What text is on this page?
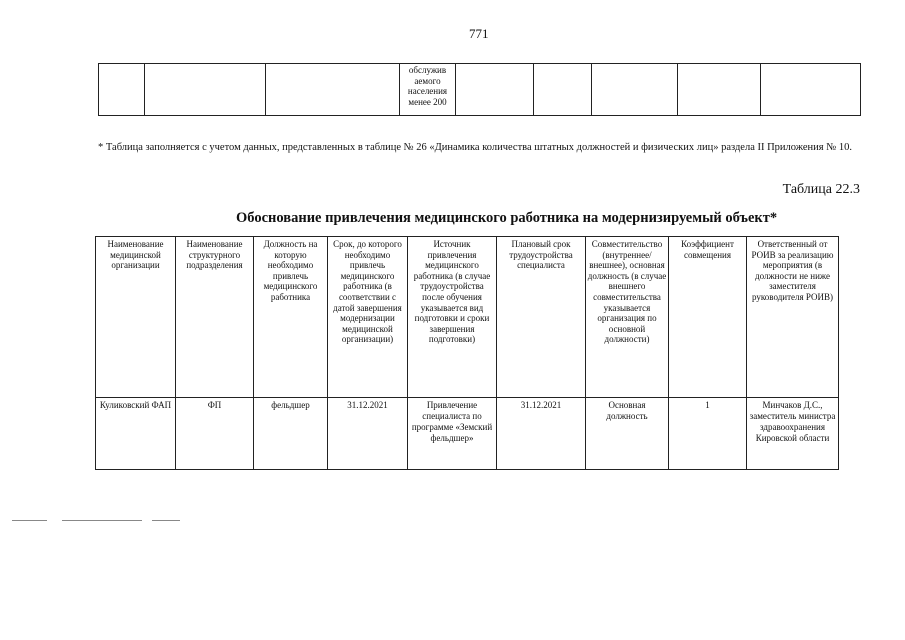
771

обслужив
аемого
населения
менее 200

* Таблица заполняется с учетом данных, представленных в таблице № 26 «Динамика количества штатных должностей и физических лиц» раздела II Приложения № 10.
Таблица 22.3
Обоснование привлечения медицинского работника на модернизируемый объект*
Наименование медицинской организации	Наименование структурного подразделения	Должность на которую необходимо привлечь медицинского работника	Срок, до которого необходимо привлечь медицинского работника (в соответствии с датой завершения модернизации медицинской организации)	Источник привлечения медицинского работника (в случае трудоустройства после обучения указывается вид подготовки и сроки завершения подготовки)	Плановый срок трудоустройства специалиста	Совместительство (внутреннее/внешнее), основная должность (в случае внешнего совместительства указывается организация по основной должности)	Коэффициент совмещения	Ответственный от РОИВ за реализацию мероприятия (в должности не ниже заместителя руководителя РОИВ)
Куликовский ФАП	ФП	фельдшер	31.12.2021	Привлечение специалиста по программе «Земский фельдшер»	31.12.2021	Основная должность	1	Минчаков Д.С., заместитель министра здравоохранения Кировской области
